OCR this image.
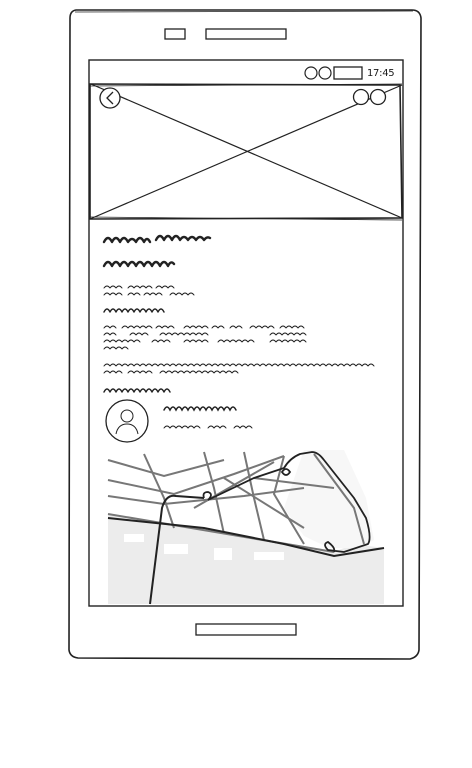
17:45
